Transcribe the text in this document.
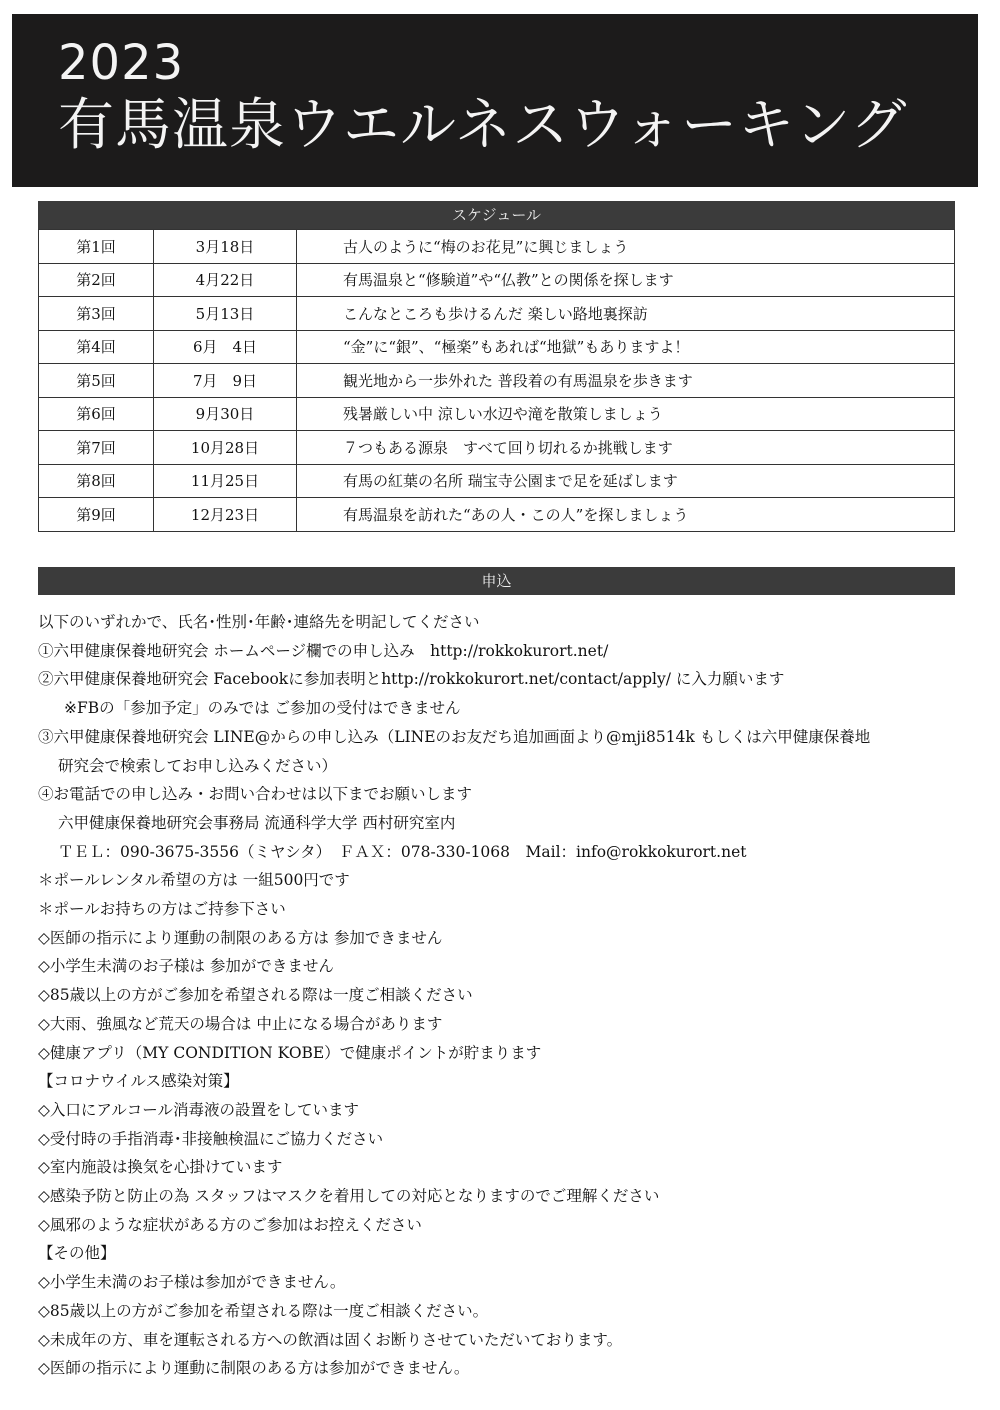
2023
有馬温泉ウエルネスウォーキング
スケジュール
第1回	3月18日	古人のように“梅のお花見”に興じましょう
第2回	4月22日	有馬温泉と“修験道”や“仏教”との関係を探します
第3回	5月13日	こんなところも歩けるんだ 楽しい路地裏探訪
第4回	6月　4日	“金”に“銀”、“極楽”もあれば“地獄”もありますよ！
第5回	7月　9日	観光地から一歩外れた 普段着の有馬温泉を歩きます
第6回	9月30日	残暑厳しい中 涼しい水辺や滝を散策しましょう
第7回	10月28日	７つもある源泉　すべて回り切れるか挑戦します
第8回	11月25日	有馬の紅葉の名所 瑞宝寺公園まで足を延ばします
第9回	12月23日	有馬温泉を訪れた“あの人・この人”を探しましょう
申込

以下のいずれかで、氏名･性別･年齢･連絡先を明記してください

①六甲健康保養地研究会 ホームページ欄での申し込み　http://rokkokurort.net/

②六甲健康保養地研究会 Facebookに参加表明とhttp://rokkokurort.net/contact/apply/ に入力願います

※FBの「参加予定」のみでは ご参加の受付はできません

③六甲健康保養地研究会 LINE@からの申し込み（LINEのお友だち追加画面より@mji8514k もしくは六甲健康保養地

研究会で検索してお申し込みください）

④お電話での申し込み・お問い合わせは以下までお願いします

六甲健康保養地研究会事務局 流通科学大学 西村研究室内

ＴＥＬ：090-3675-3556（ミヤシタ）　ＦＡＸ：078-330-1068　Mail：info@rokkokurort.net

＊ポールレンタル希望の方は 一組500円です

＊ポールお持ちの方はご持参下さい

◇医師の指示により運動の制限のある方は 参加できません

◇小学生未満のお子様は 参加ができません

◇85歳以上の方がご参加を希望される際は一度ご相談ください

◇大雨、強風など荒天の場合は 中止になる場合があります

◇健康アプリ（MY CONDITION KOBE）で健康ポイントが貯まります

【コロナウイルス感染対策】

◇入口にアルコール消毒液の設置をしています

◇受付時の手指消毒･非接触検温にご協力ください

◇室内施設は換気を心掛けています

◇感染予防と防止の為 スタッフはマスクを着用しての対応となりますのでご理解ください

◇風邪のような症状がある方のご参加はお控えください

【その他】

◇小学生未満のお子様は参加ができません。

◇85歳以上の方がご参加を希望される際は一度ご相談ください。

◇未成年の方、車を運転される方への飲酒は固くお断りさせていただいております。

◇医師の指示により運動に制限のある方は参加ができません。
